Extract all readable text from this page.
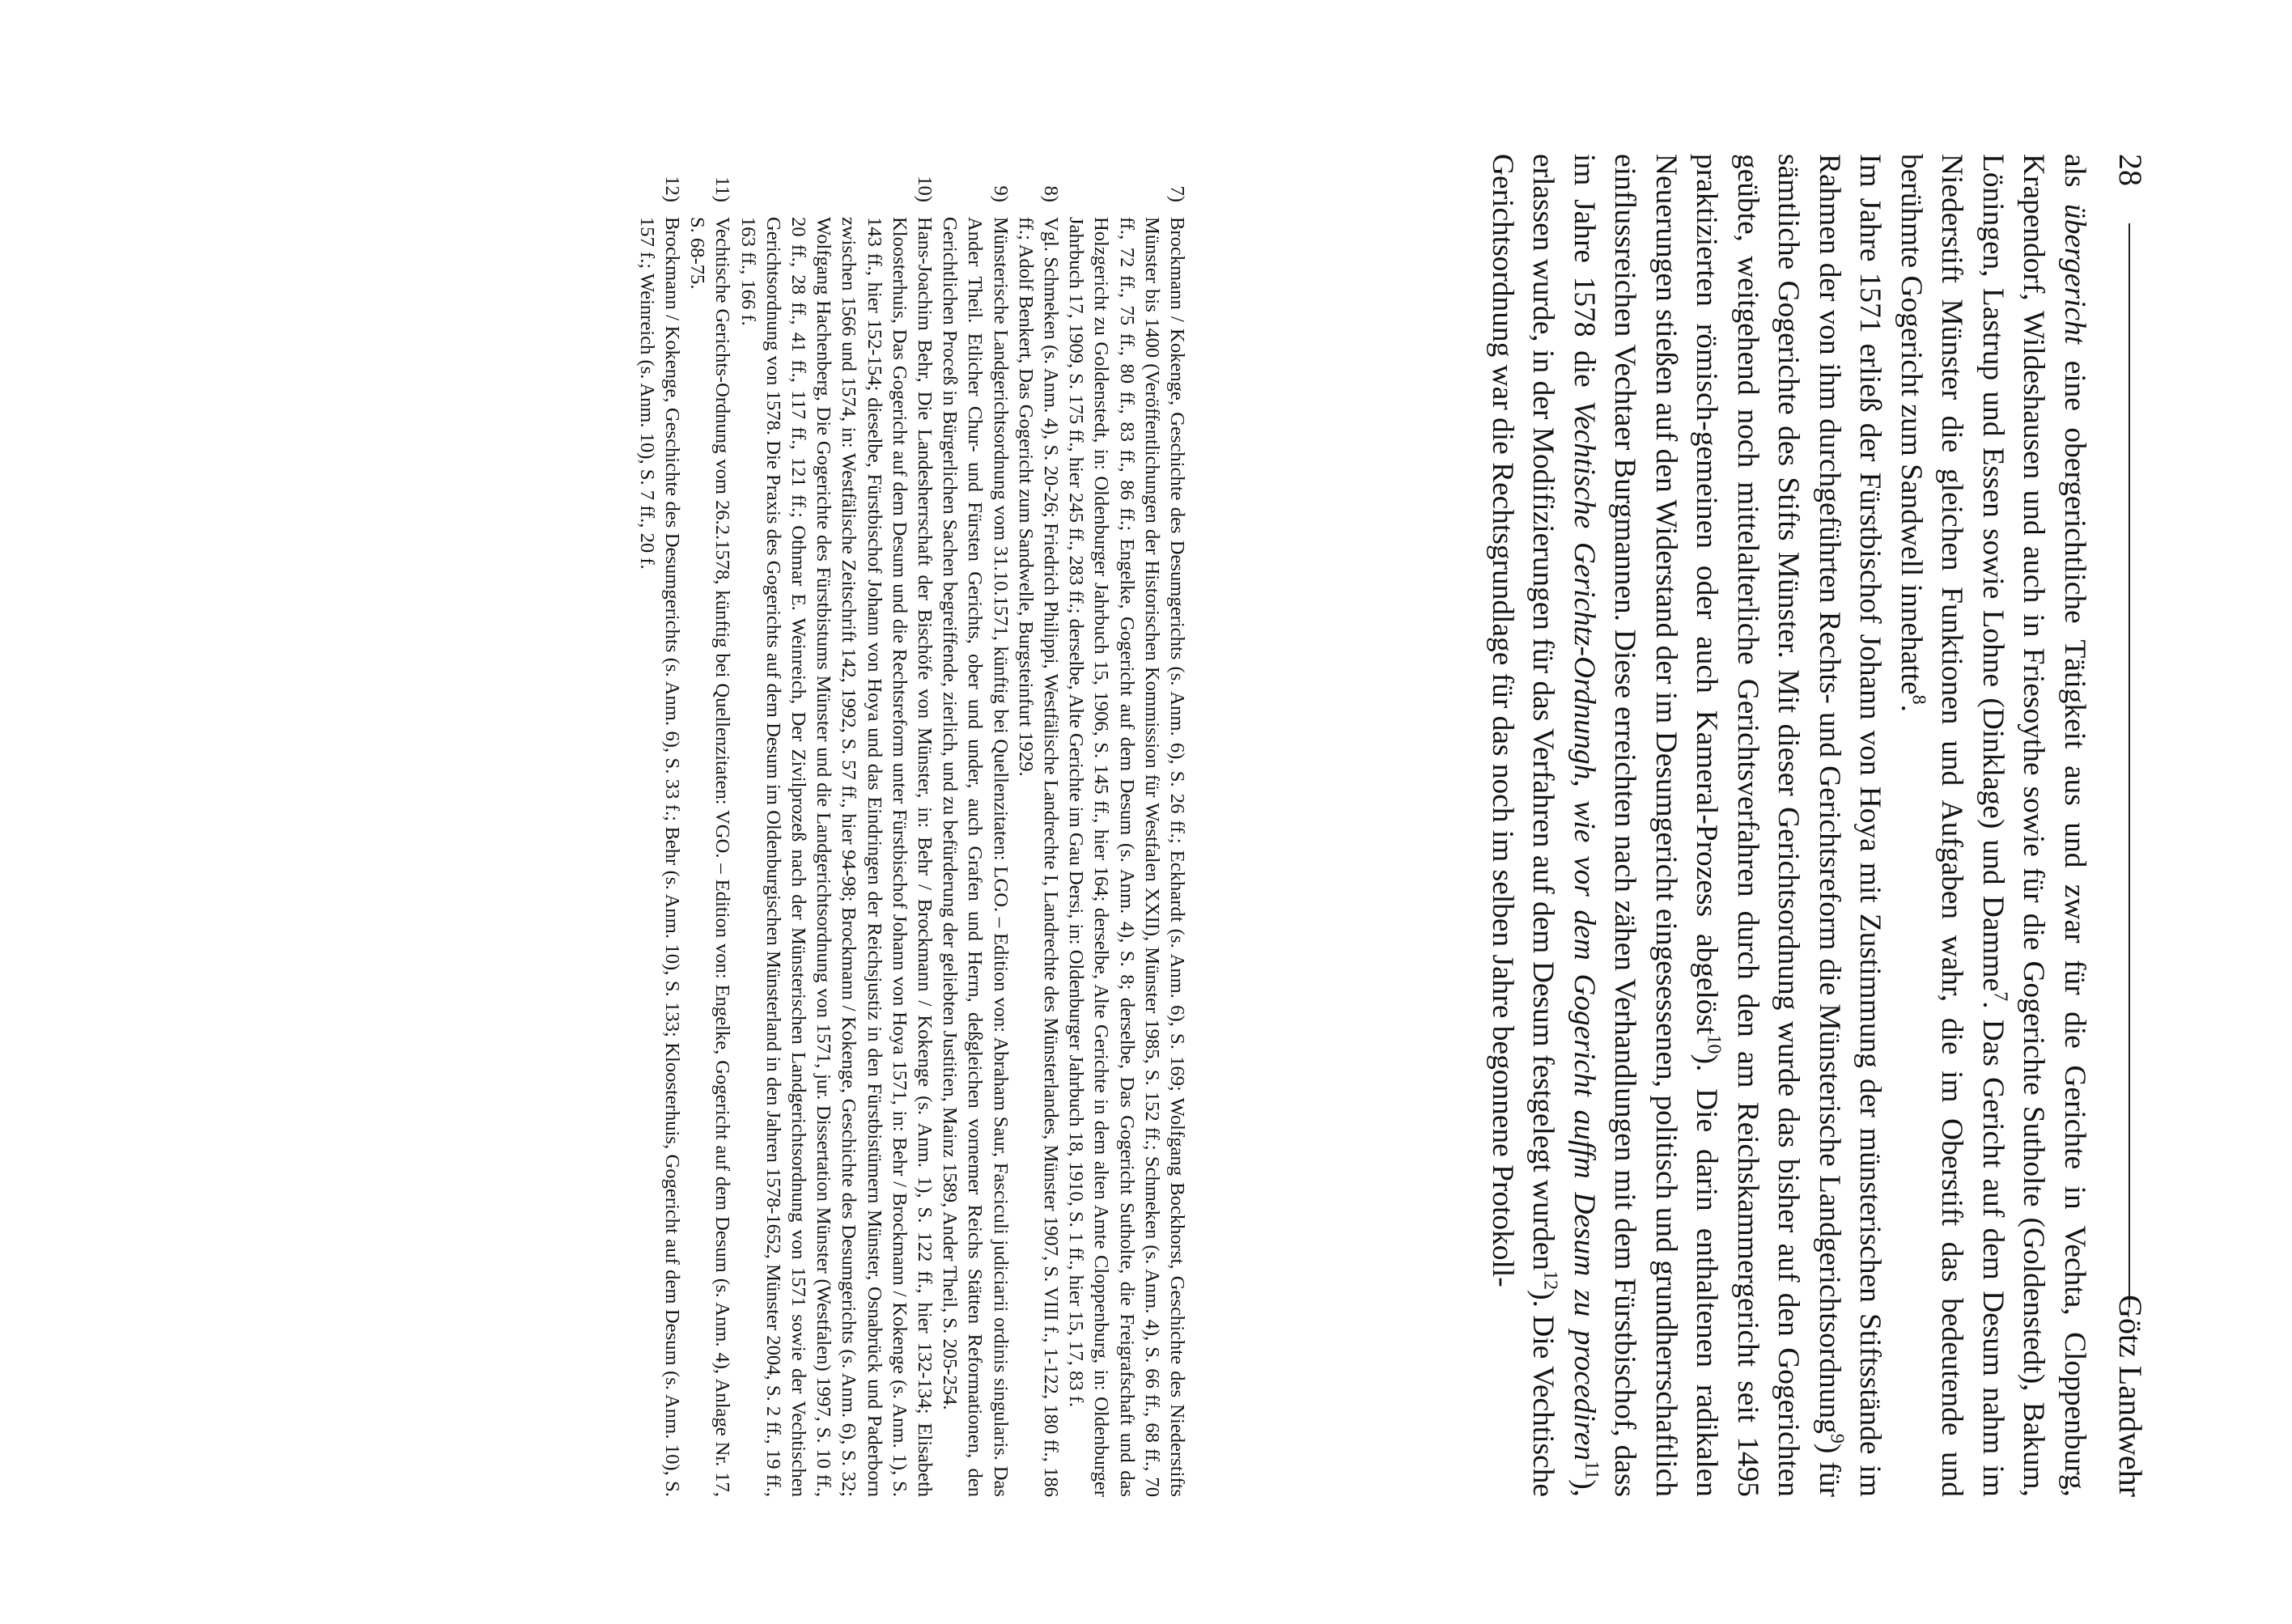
28
Götz Landwehr

als übergericht eine obergerichtliche Tätigkeit aus und zwar für die Gerichte in Vechta, Cloppenburg, Krapendorf, Wildeshausen und auch in Friesoythe sowie für die Gogerichte Sutholte (Goldenstedt), Bakum, Löningen, Lastrup und Essen sowie Lohne (Dinklage) und Damme$^7$. Das Gericht auf dem Desum nahm im Niederstift Münster die gleichen Funktionen und Aufgaben wahr, die im Oberstift das bedeutende und berühmte Gogericht zum Sandwell innehatte$^8$.

Im Jahre 1571 erließ der Fürstbischof Johann von Hoya mit Zustimmung der münsterischen Stiftsstände im Rahmen der von ihm durchgeführten Rechts- und Gerichtsreform die Münsterische Landgerichtsordnung$^9$) für sämtliche Gogerichte des Stifts Münster. Mit dieser Gerichtsordnung wurde das bisher auf den Gogerichten geübte, weitgehend noch mittelalterliche Gerichtsverfahren durch den am Reichskammergericht seit 1495 praktizierten römisch-gemeinen oder auch Kameral-Prozess abgelöst$^{10}$). Die darin enthaltenen radikalen Neuerungen stießen auf den Widerstand der im Desumgericht eingesessenen, politisch und grundherrschaftlich einflussreichen Vechtaer Burgmannen. Diese erreichten nach zähen Verhandlungen mit dem Fürstbischof, dass im Jahre 1578 die Vechtische Gerichtz-Ordnungh, wie vor dem Gogericht auffm Desum zu procediren$^{11}$), erlassen wurde, in der Modifizierungen für das Verfahren auf dem Desum festgelegt wurden$^{12}$). Die Vechtische Gerichtsordnung war die Rechtsgrundlage für das noch im selben Jahre begonnene Protokoll-

7)
Brockmann / Kokenge, Geschichte des Desumgerichts (s. Anm. 6), S. 26 ff.; Eckhardt (s. Anm. 6), S. 169; Wolfgang Bockhorst, Geschichte des Niederstifts Münster bis 1400 (Veröffentlichungen der Historischen Kommission für Westfalen XXII), Münster 1985, S. 152 ff.; Schmeken (s. Anm. 4), S. 66 ff., 68 ff., 70 ff., 72 ff., 75 ff., 80 ff., 83 ff., 86 ff.; Engelke, Gogericht auf dem Desum (s. Anm. 4), S. 8; derselbe, Das Gogericht Sutholte, die Freigrafschaft und das Holzgericht zu Goldenstedt, in: Oldenburger Jahrbuch 15, 1906, S. 145 ff., hier 164; derselbe, Alte Gerichte in dem alten Amte Cloppenburg, in: Oldenburger Jahrbuch 17, 1909, S. 175 ff., hier 245 ff., 283 ff.; derselbe, Alte Gerichte im Gau Dersi, in: Oldenburger Jahrbuch 18, 1910, S. 1 ff., hier 15, 17, 83 f.

8)
Vgl. Schmeken (s. Anm. 4), S. 20-26; Friedrich Philippi, Westfälische Landrechte I, Landrechte des Münsterlandes, Münster 1907, S. VIII f., 1-122, 180 ff., 186 ff.; Adolf Benkert, Das Gogericht zum Sandwelle, Burgsteinfurt 1929.

9)
Münsterische Landgerichtsordnung vom 31.10.1571, künftig bei Quellenzitaten: LGO. – Edition von: Abraham Saur, Fasciculi judiciarii ordinis singularis. Das Ander Theil. Etlicher Chur- und Fürsten Gerichts, ober und under, auch Grafen und Herrn, deßgleichen vornemer Reichs Stätten Reformationen, den Gerichtlichen Proceß in Bürgerlichen Sachen begreiffende, zierlich, und zu befürderung der geliebten Justitien, Mainz 1589, Ander Theil, S. 205-254.

10)
Hans-Joachim Behr, Die Landesherrschaft der Bischöfe von Münster, in: Behr / Brockmann / Kokenge (s. Anm. 1), S. 122 ff., hier 132-134; Elisabeth Kloosterhuis, Das Gogericht auf dem Desum und die Rechtsreform unter Fürstbischof Johann von Hoya 1571, in: Behr / Brockmann / Kokenge (s. Anm. 1), S. 143 ff., hier 152-154; dieselbe, Fürstbischof Johann von Hoya und das Eindringen der Reichsjustiz in den Fürstbistümern Münster, Osnabrück und Paderborn zwischen 1566 und 1574, in: Westfälische Zeitschrift 142, 1992, S. 57 ff., hier 94-98; Brockmann / Kokenge, Geschichte des Desumgerichts (s. Anm. 6), S. 32; Wolfgang Hachenberg, Die Gogerichte des Fürstbistums Münster und die Landgerichtsordnung von 1571, jur. Dissertation Münster (Westfalen) 1997, S. 10 ff., 20 ff., 28 ff., 41 ff., 117 ff., 121 ff.; Othmar E. Weinreich, Der Zivilprozeß nach der Münsterischen Landgerichtsordnung von 1571 sowie der Vechtischen Gerichtsordnung von 1578. Die Praxis des Gogerichts auf dem Desum im Oldenburgischen Münsterland in den Jahren 1578-1652, Münster 2004, S. 2 ff., 19 ff., 163 ff., 166 f.

11)
Vechtische Gerichts-Ordnung vom 26.2.1578, künftig bei Quellenzitaten: VGO. – Edition von: Engelke, Gogericht auf dem Desum (s. Anm. 4), Anlage Nr. 17, S. 68-75.

12)
Brockmann / Kokenge, Geschichte des Desumgerichts (s. Anm. 6), S. 33 f.; Behr (s. Anm. 10), S. 133; Kloosterhuis, Gogericht auf dem Desum (s. Anm. 10), S. 157 f.; Weinreich (s. Anm. 10), S. 7 ff., 20 f.
